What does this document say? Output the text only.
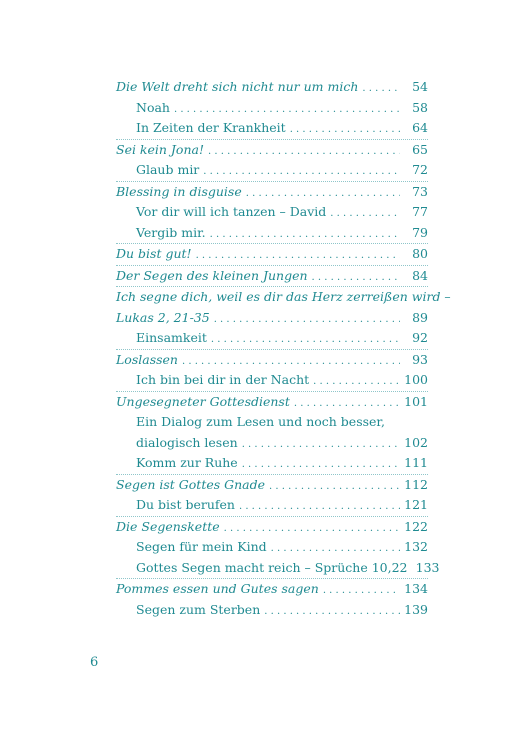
Die Welt dreht sich nicht nur um mich . . .	54
Noah . . .	58
In Zeiten der Krankheit . . .	64
Sei kein Jona! . . .	65
Glaub mir . . .	72
Blessing in disguise . . .	73
Vor dir will ich tanzen – David . . .	77
Vergib mir. . . .	79
Du bist gut! . . .	80
Der Segen des kleinen Jungen . . .	84
Ich segne dich, weil es dir das Herz zerreißen wird –
Lukas 2, 21-35 . . .	89
Einsamkeit . . .	92
Loslassen . . .	93
Ich bin bei dir in der Nacht . . .	100
Ungesegneter Gottesdienst . . .	101
Ein Dialog zum Lesen und noch besser,
dialogisch lesen . . .	102
Komm zur Ruhe . . .	111
Segen ist Gottes Gnade . . .	112
Du bist berufen . . .	121
Die Segenskette . . .	122
Segen für mein Kind . . .	132
Gottes Segen macht reich – Sprüche 10,22 133
Pommes essen und Gutes sagen . . .	134
Segen zum Sterben . . .	139
6
